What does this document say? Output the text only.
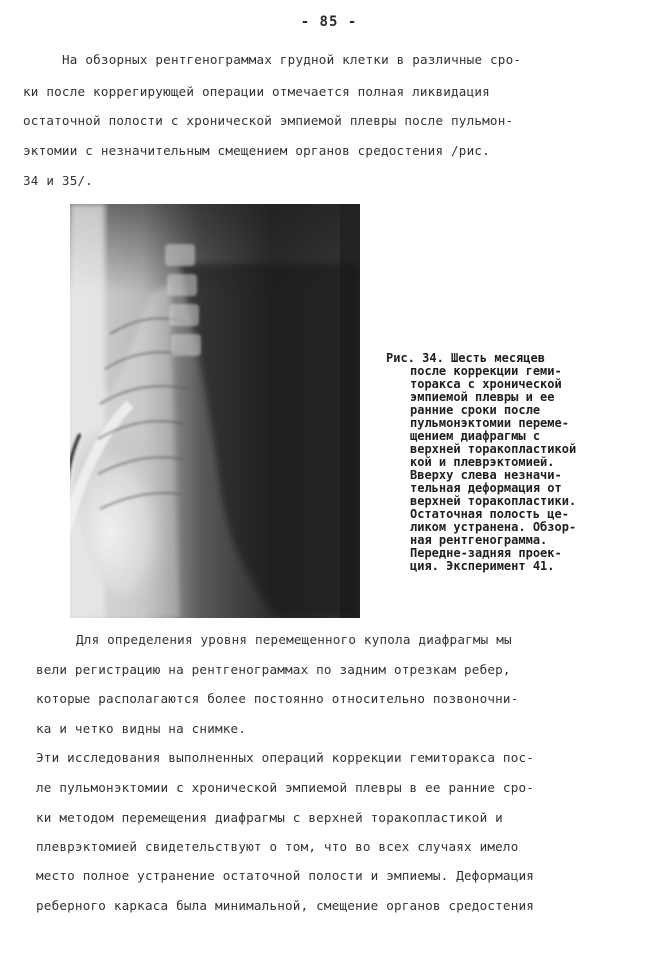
- 85 -
На обзорных рентгенограммах грудной клетки в различные сро-
ки после коррегирующей операции отмечается полная ликвидация
остаточной полости с хронической эмпиемой плевры после пульмон-
эктомии с незначительным смещением органов средостения /рис.
34 и 35/.
Рис. 34. Шесть месяцев
после коррекции геми-
торакса с хронической
эмпиемой плевры и ее
ранние сроки после
пульмонэктомии переме-
щением диафрагмы с
верхней торакопластикой
кой и плеврэктомией.
Вверху слева незначи-
тельная деформация от
верхней торакопластики.
Остаточная полость це-
ликом устранена. Обзор-
ная рентгенограмма.
Передне-задняя проек-
ция. Эксперимент 41.
Для определения уровня перемещенного купола диафрагмы мы
вели регистрацию на рентгенограммах по задним отрезкам ребер,
которые располагаются более постоянно относительно позвоночни-
ка и четко видны на снимке.
Эти исследования выполненных операций коррекции гемиторакса пос-
ле пульмонэктомии с хронической эмпиемой плевры в ее ранние сро-
ки методом перемещения диафрагмы с верхней торакопластикой и
плеврэктомией свидетельствуют о том, что во всех случаях имело
место полное устранение остаточной полости и эмпиемы. Деформация
реберного каркаса была минимальной, смещение органов средостения
